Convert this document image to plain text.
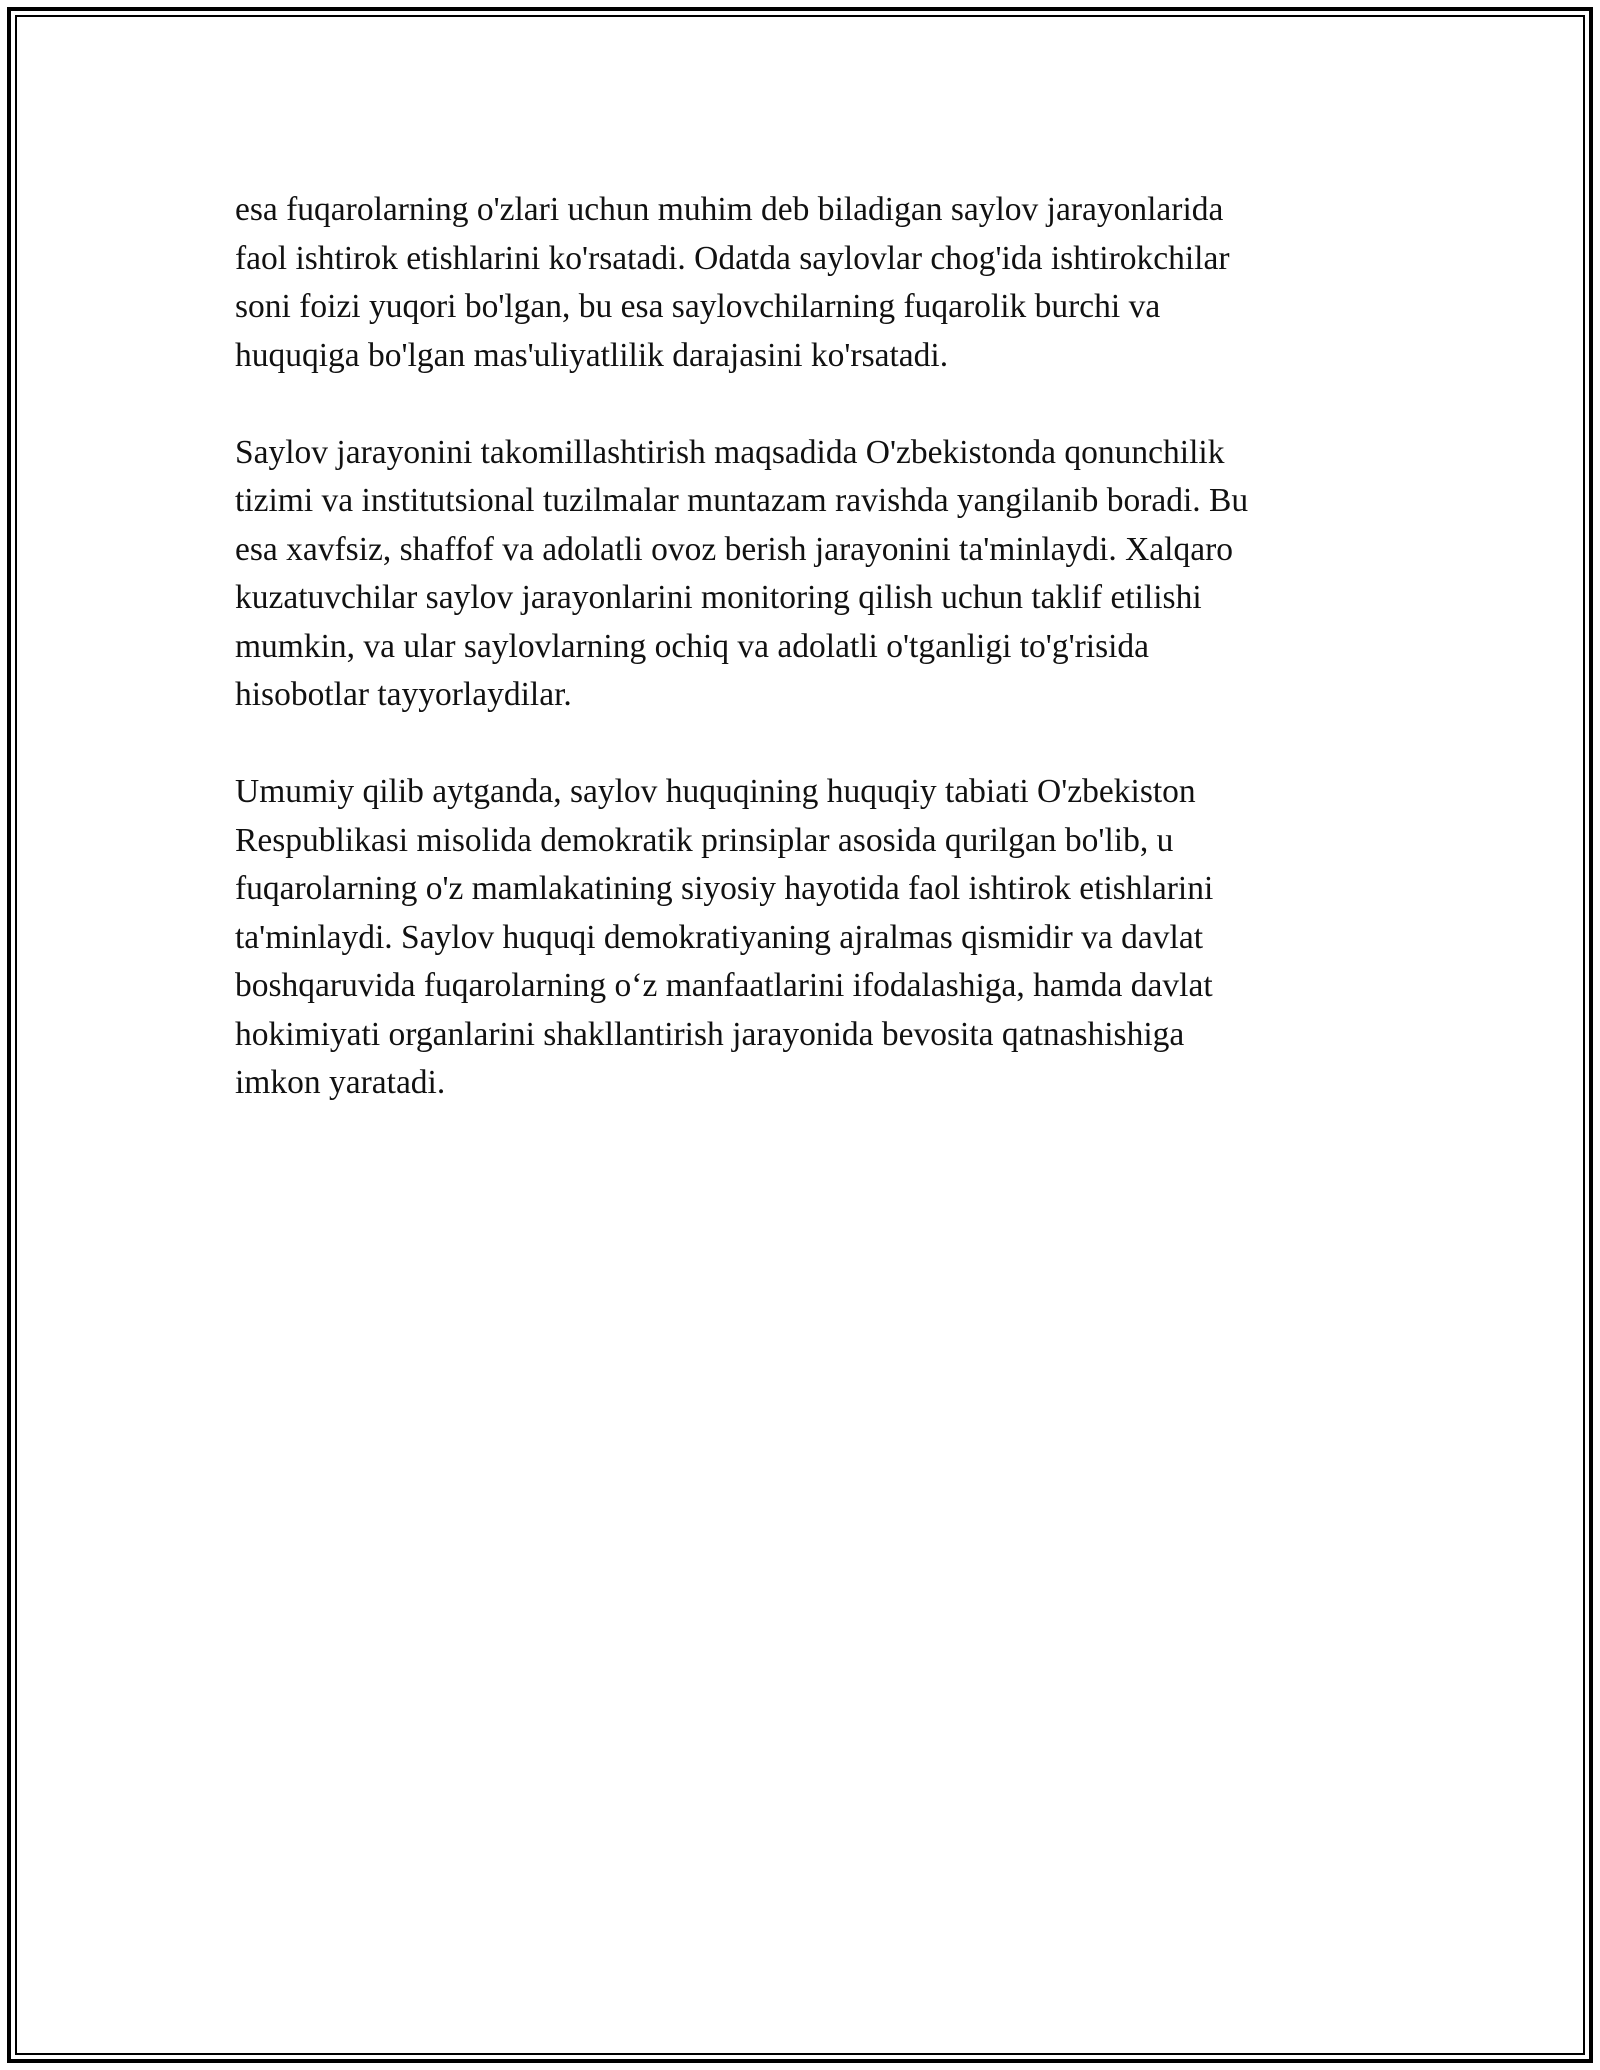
esa fuqarolarning o'zlari uchun muhim deb biladigan saylov jarayonlarida
faol ishtirok etishlarini ko'rsatadi. Odatda saylovlar chog'ida ishtirokchilar
soni foizi yuqori bo'lgan, bu esa saylovchilarning fuqarolik burchi va
huquqiga bo'lgan mas'uliyatlilik darajasini ko'rsatadi.

Saylov jarayonini takomillashtirish maqsadida O'zbekistonda qonunchilik
tizimi va institutsional tuzilmalar muntazam ravishda yangilanib boradi. Bu
esa xavfsiz, shaffof va adolatli ovoz berish jarayonini ta'minlaydi. Xalqaro
kuzatuvchilar saylov jarayonlarini monitoring qilish uchun taklif etilishi
mumkin, va ular saylovlarning ochiq va adolatli o'tganligi to'g'risida
hisobotlar tayyorlaydilar.

Umumiy qilib aytganda, saylov huquqining huquqiy tabiati O'zbekiston
Respublikasi misolida demokratik prinsiplar asosida qurilgan bo'lib, u
fuqarolarning o'z mamlakatining siyosiy hayotida faol ishtirok etishlarini
ta'minlaydi. Saylov huquqi demokratiyaning ajralmas qismidir va davlat
boshqaruvida fuqarolarning o‘z manfaatlarini ifodalashiga, hamda davlat
hokimiyati organlarini shakllantirish jarayonida bevosita qatnashishiga
imkon yaratadi.
